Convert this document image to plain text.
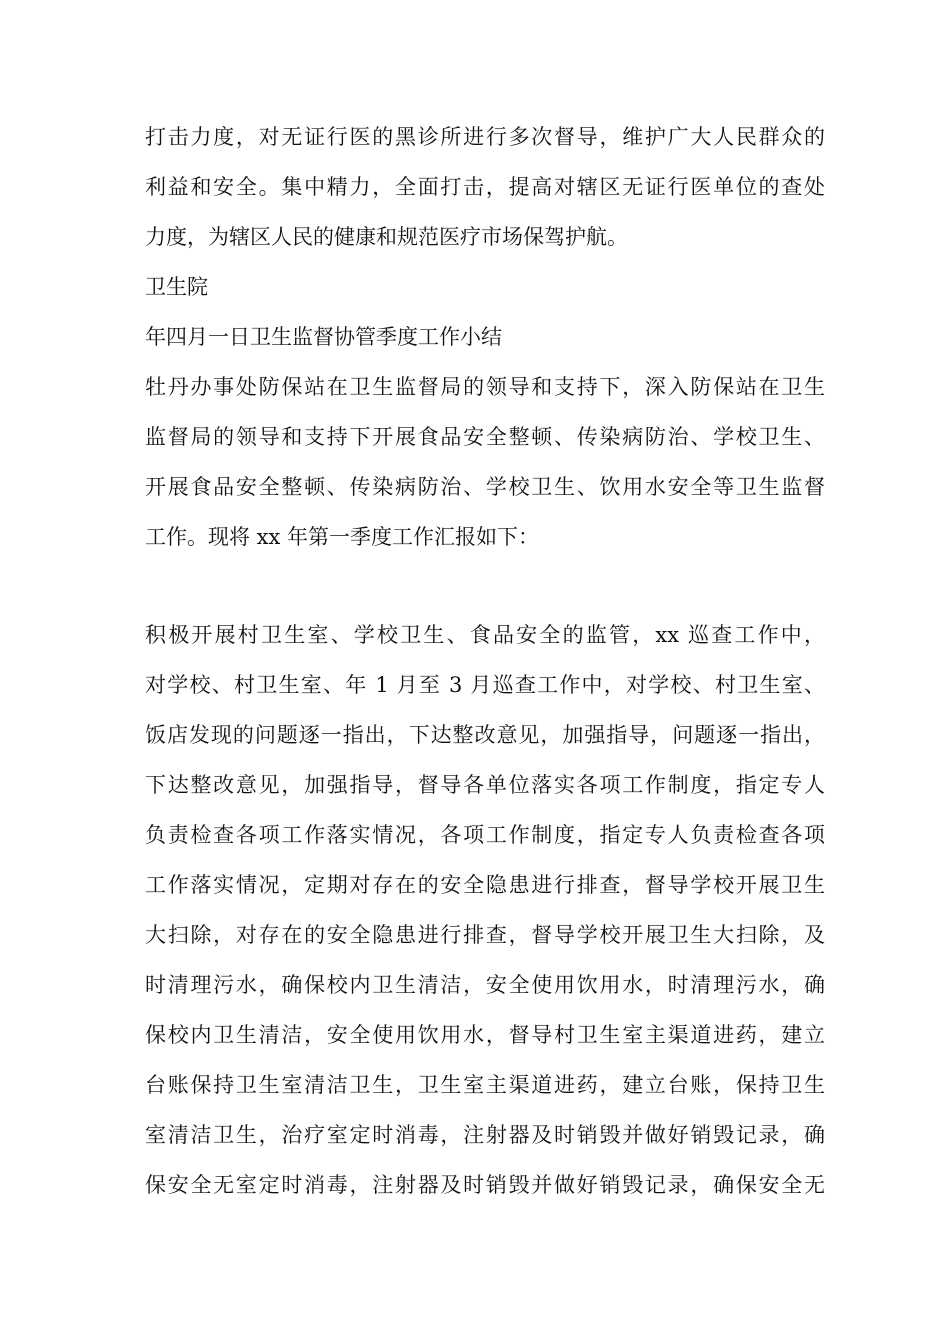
打击力度，对无证行医的黑诊所进行多次督导，维护广大人民群众的
利益和安全。集中精力，全面打击，提高对辖区无证行医单位的查处
力度，为辖区人民的健康和规范医疗市场保驾护航。
卫生院
年四月一日卫生监督协管季度工作小结
牡丹办事处防保站在卫生监督局的领导和支持下，深入防保站在卫生
监督局的领导和支持下开展食品安全整顿、传染病防治、学校卫生、
开展食品安全整顿、传染病防治、学校卫生、饮用水安全等卫生监督
工作。现将 xx 年第一季度工作汇报如下：
积极开展村卫生室、学校卫生、食品安全的监管，xx 巡查工作中，
对学校、村卫生室、年 1 月至 3 月巡查工作中，对学校、村卫生室、
饭店发现的问题逐一指出，下达整改意见，加强指导，问题逐一指出，
下达整改意见，加强指导，督导各单位落实各项工作制度，指定专人
负责检查各项工作落实情况，各项工作制度，指定专人负责检查各项
工作落实情况，定期对存在的安全隐患进行排查，督导学校开展卫生
大扫除，对存在的安全隐患进行排查，督导学校开展卫生大扫除，及
时清理污水，确保校内卫生清洁，安全使用饮用水，时清理污水，确
保校内卫生清洁，安全使用饮用水，督导村卫生室主渠道进药，建立
台账保持卫生室清洁卫生，卫生室主渠道进药，建立台账，保持卫生
室清洁卫生，治疗室定时消毒，注射器及时销毁并做好销毁记录，确
保安全无室定时消毒，注射器及时销毁并做好销毁记录，确保安全无
